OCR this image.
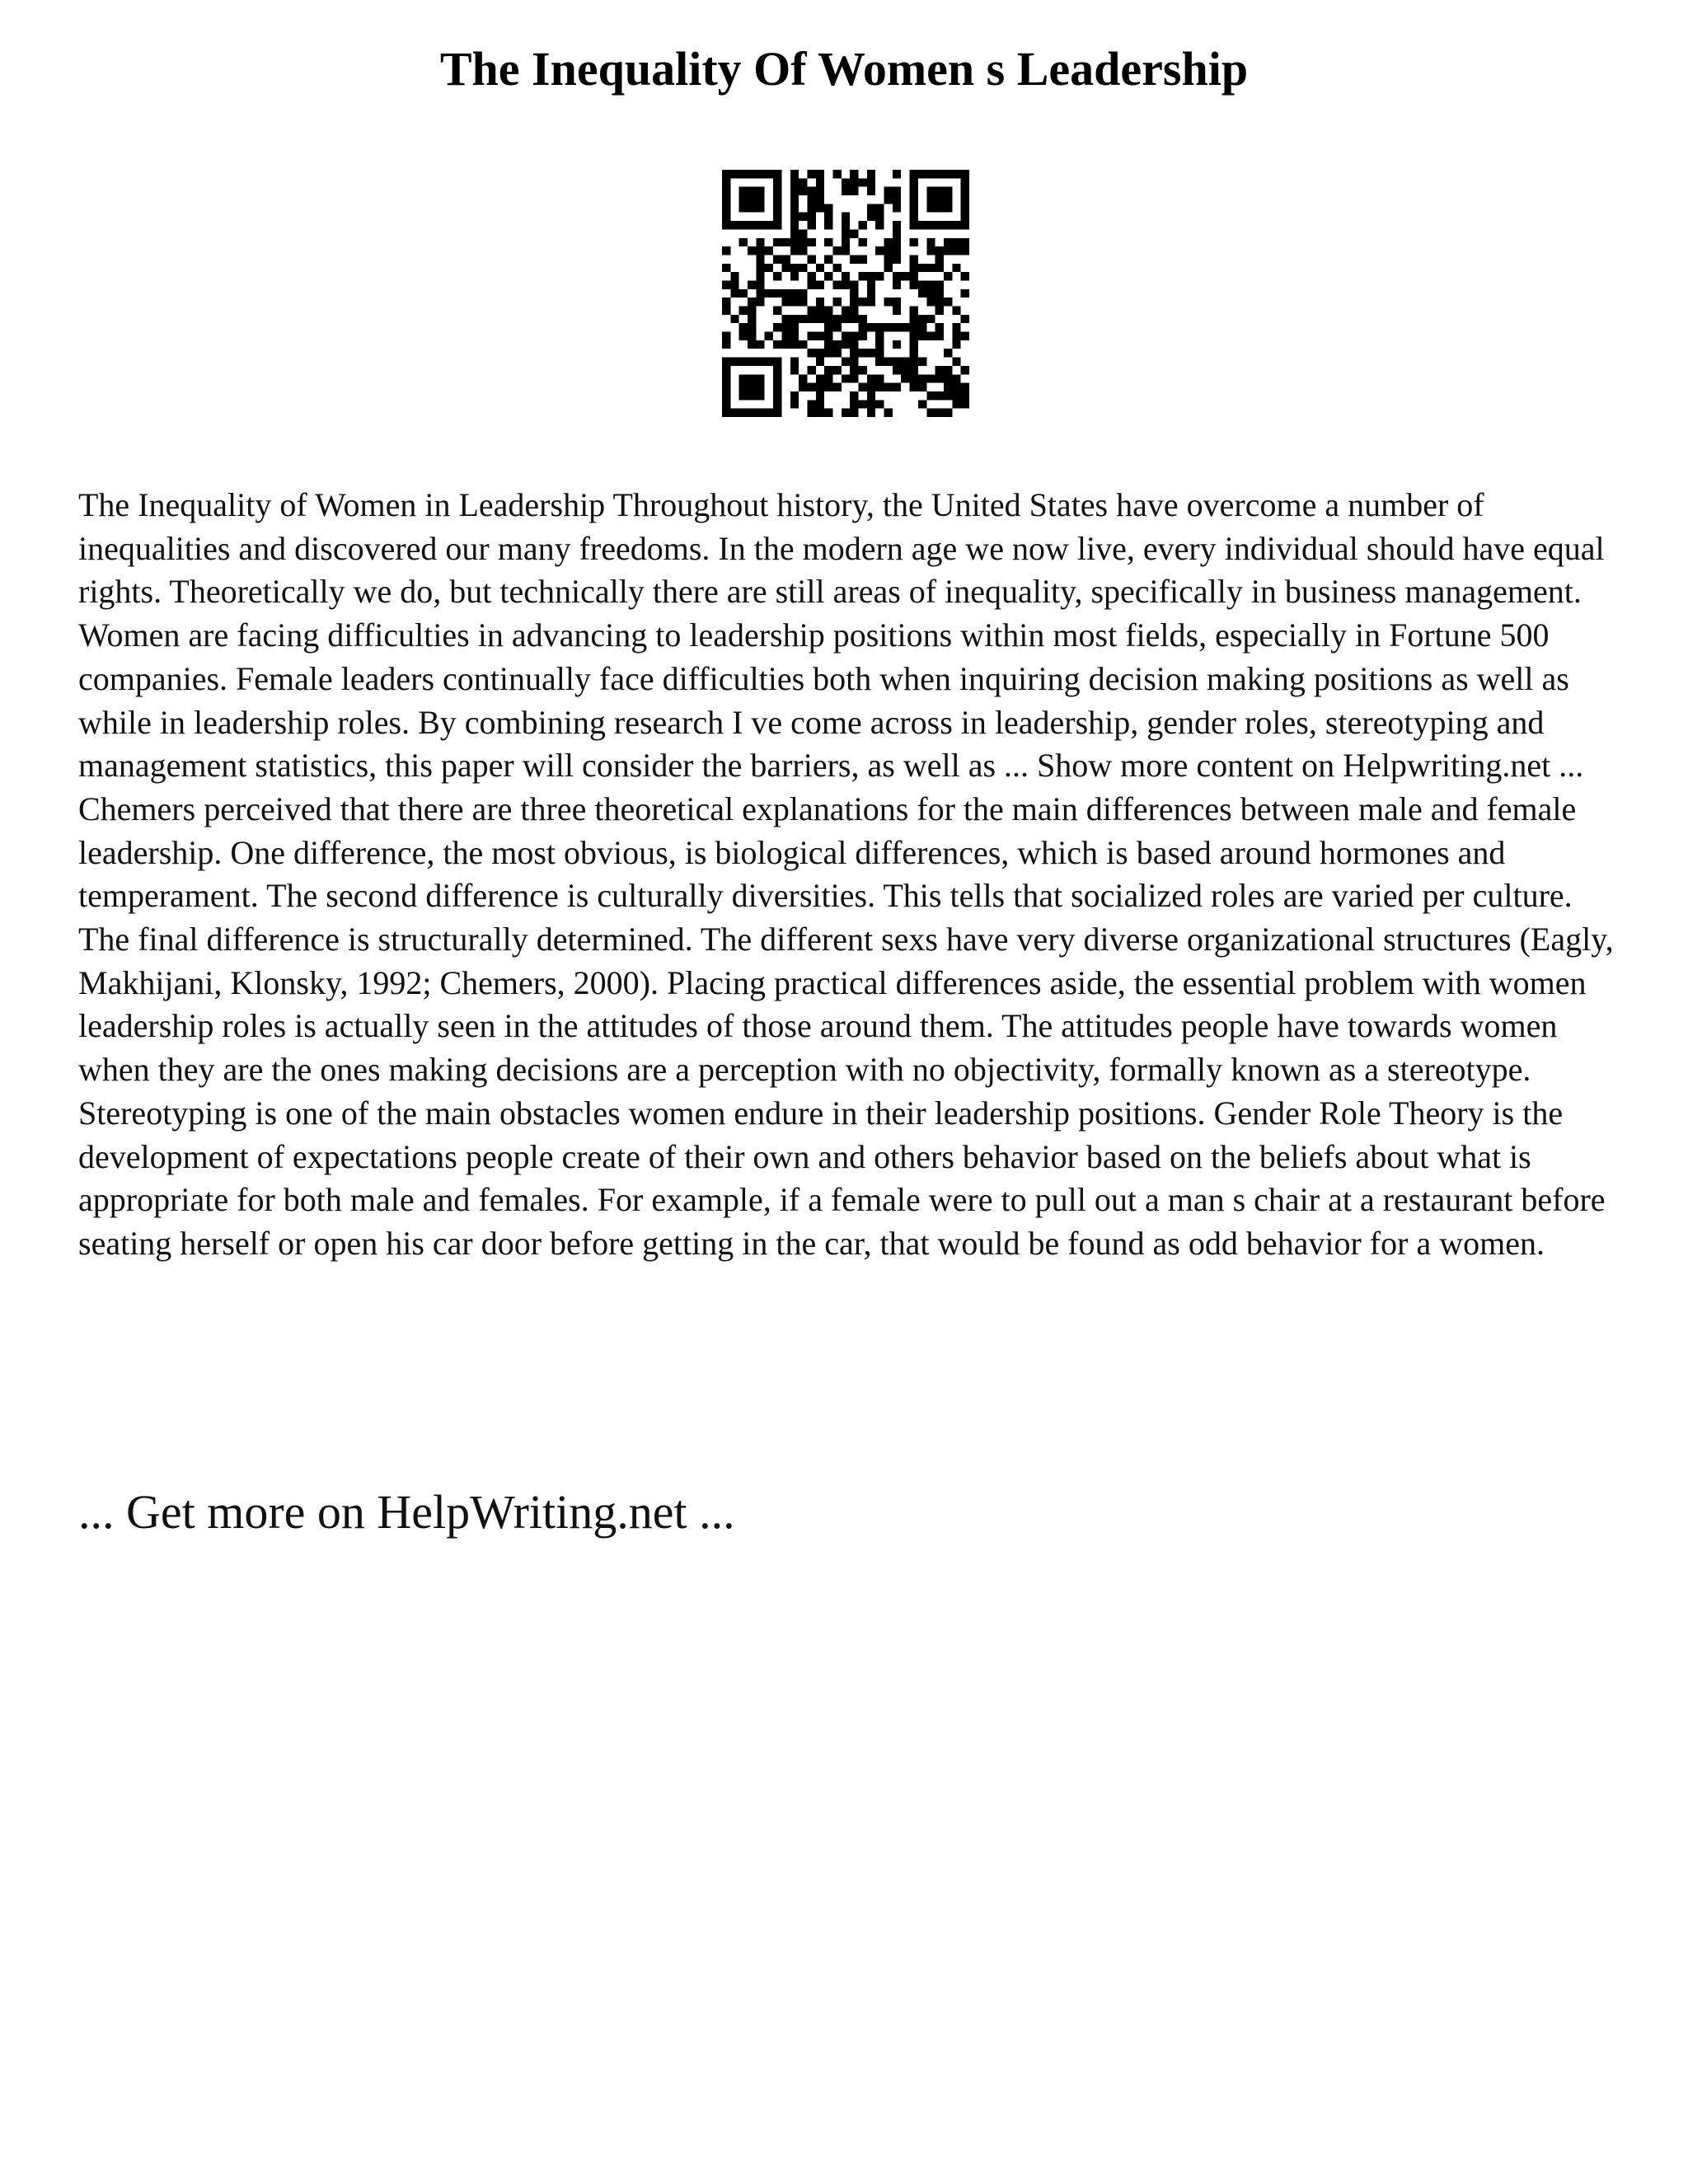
The Inequality Of Women s Leadership

The Inequality of Women in Leadership Throughout history, the United States have overcome a number of inequalities and discovered our many freedoms. In the modern age we now live, every individual should have equal rights. Theoretically we do, but technically there are still areas of inequality, specifically in business management. Women are facing difficulties in advancing to leadership positions within most fields, especially in Fortune 500 companies. Female leaders continually face difficulties both when inquiring decision making positions as well as while in leadership roles. By combining research I ve come across in leadership, gender roles, stereotyping and management statistics, this paper will consider the barriers, as well as ... Show more content on Helpwriting.net ...

Chemers perceived that there are three theoretical explanations for the main differences between male and female leadership. One difference, the most obvious, is biological differences, which is based around hormones and temperament. The second difference is culturally diversities. This tells that socialized roles are varied per culture. The final difference is structurally determined. The different sexs have very diverse organizational structures (Eagly, Makhijani, Klonsky, 1992; Chemers, 2000). Placing practical differences aside, the essential problem with women leadership roles is actually seen in the attitudes of those around them. The attitudes people have towards women when they are the ones making decisions are a perception with no objectivity, formally known as a stereotype. Stereotyping is one of the main obstacles women endure in their leadership positions. Gender Role Theory is the development of expectations people create of their own and others behavior based on the beliefs about what is appropriate for both male and females. For example, if a female were to pull out a man s chair at a restaurant before seating herself or open his car door before getting in the car, that would be found as odd behavior for a women.

... Get more on HelpWriting.net ...
